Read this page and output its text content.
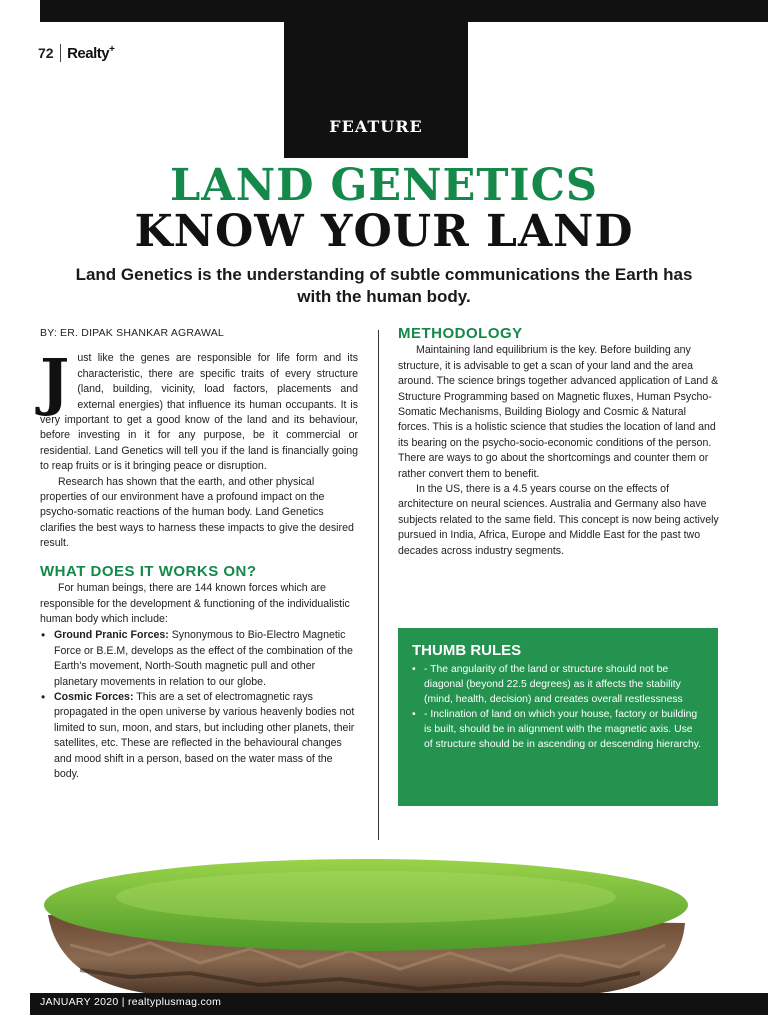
72 Realty+
FEATURE
LAND GENETICS
KNOW YOUR LAND
Land Genetics is the understanding of subtle communications the Earth has with the human body.
BY: ER. DIPAK SHANKAR AGRAWAL
J ust like the genes are responsible for life form and its characteristic, there are specific traits of every structure (land, building, vicinity, load factors, placements and external energies) that influence its human occupants. It is very important to get a good know of the land and its behaviour, before investing in it for any purpose, be it commercial or residential. Land Genetics will tell you if the land is financially going to reap fruits or is it bringing peace or disruption.

Research has shown that the earth, and other physical properties of our environment have a profound impact on the psycho-somatic reactions of the human body. Land Genetics clarifies the best ways to harness these impacts to give the desired result.

WHAT DOES IT WORKS ON?

For human beings, there are 144 known forces which are responsible for the development & functioning of the individualistic human body which include:

• Ground Pranic Forces: Synonymous to Bio-Electro Magnetic Force or B.E.M, develops as the effect of the combination of the Earth's movement, North-South magnetic pull and other planetary movements in relation to our globe.
• Cosmic Forces: This are a set of electromagnetic rays propagated in the open universe by various heavenly bodies not limited to sun, moon, and stars, but including other planets, their satellites, etc. These are reflected in the behavioural changes and mood shift in a person, based on the water mass of the body.
METHODOLOGY

Maintaining land equilibrium is the key. Before building any structure, it is advisable to get a scan of your land and the area around. The science brings together advanced application of Land & Structure Programming based on Magnetic fluxes, Human Psycho-Somatic Mechanisms, Building Biology and Cosmic & Natural forces. This is a holistic science that studies the location of land and its bearing on the psycho-socio-economic conditions of the person. There are ways to go about the shortcomings and counter them or rather convert them to benefit.

In the US, there is a 4.5 years course on the effects of architecture on neural sciences. Australia and Germany also have subjects related to the same field. This concept is now being actively pursued in India, Africa, Europe and Middle East for the past two decades across industry segments.

THUMB RULES
• - The angularity of the land or structure should not be diagonal (beyond 22.5 degrees) as it affects the stability (mind, health, decision) and creates overall restlessness
• - Inclination of land on which your house, factory or building is built, should be in alignment with the magnetic axis. Use of structure should be in ascending or descending hierarchy.
JANUARY 2020 | realtyplusmag.com
